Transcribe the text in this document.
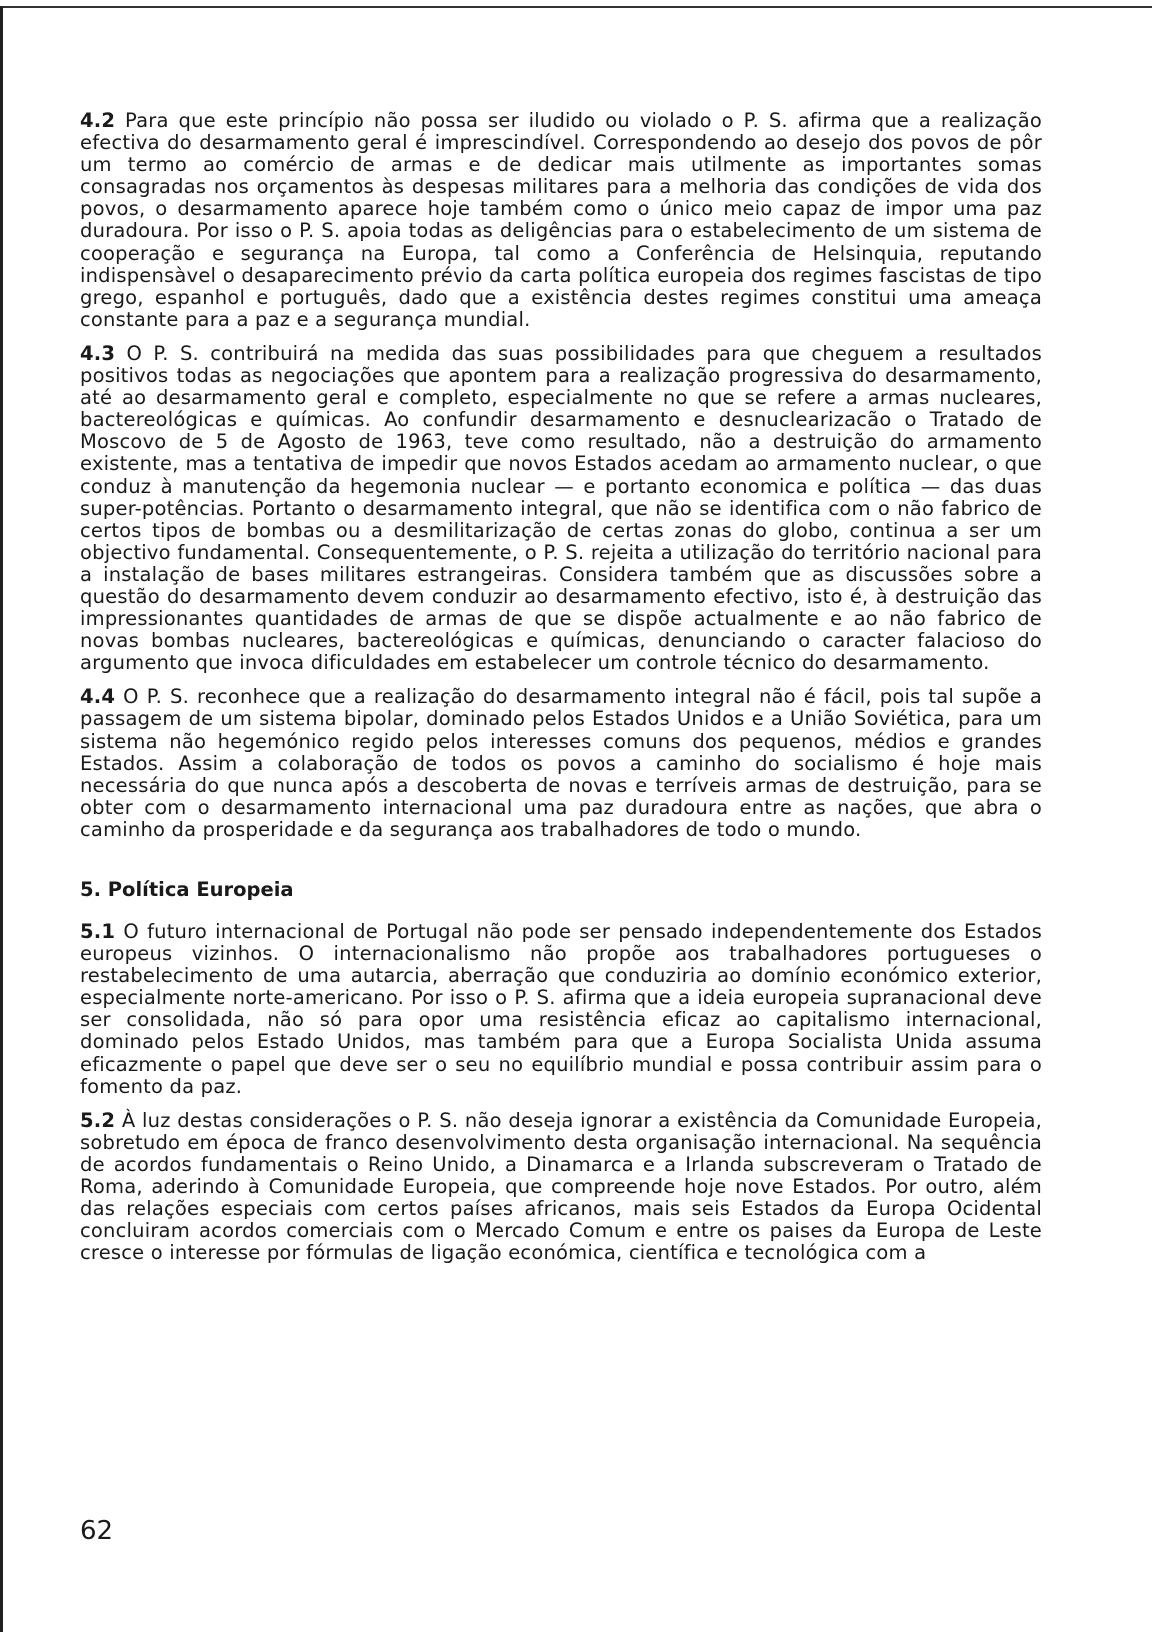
4.2 Para que este princípio não possa ser iludido ou violado o P. S. afirma que a realização efectiva do desarmamento geral é imprescindível. Correspondendo ao desejo dos povos de pôr um termo ao comércio de armas e de dedicar mais utilmente as importantes somas consagradas nos orçamentos às despesas militares para a melhoria das condições de vida dos povos, o desarmamento aparece hoje também como o único meio capaz de impor uma paz duradoura. Por isso o P. S. apoia todas as deligências para o estabelecimento de um sistema de cooperação e segurança na Europa, tal como a Conferência de Helsinquia, reputando indispensàvel o desaparecimento prévio da carta política europeia dos regimes fascistas de tipo grego, espanhol e português, dado que a existência destes regimes constitui uma ameaça constante para a paz e a segurança mundial.

4.3 O P. S. contribuirá na medida das suas possibilidades para que cheguem a resultados positivos todas as negociações que apontem para a realização progressiva do desarmamento, até ao desarmamento geral e completo, especialmente no que se refere a armas nucleares, bactereológicas e químicas. Ao confundir desarmamento e desnuclearizacão o Tratado de Moscovo de 5 de Agosto de 1963, teve como resultado, não a destruição do armamento existente, mas a tentativa de impedir que novos Estados acedam ao armamento nuclear, o que conduz à manutenção da hegemonia nuclear — e portanto economica e política — das duas super-potências. Portanto o desarmamento integral, que não se identifica com o não fabrico de certos tipos de bombas ou a desmilitarização de certas zonas do globo, continua a ser um objectivo fundamental. Consequentemente, o P. S. rejeita a utilização do território nacional para a instalação de bases militares estrangeiras. Considera também que as discussões sobre a questão do desarmamento devem conduzir ao desarmamento efectivo, isto é, à destruição das impressionantes quantidades de armas de que se dispõe actualmente e ao não fabrico de novas bombas nucleares, bactereológicas e químicas, denunciando o caracter falacioso do argumento que invoca dificuldades em estabelecer um controle técnico do desarmamento.

4.4 O P. S. reconhece que a realização do desarmamento integral não é fácil, pois tal supõe a passagem de um sistema bipolar, dominado pelos Estados Unidos e a União Soviética, para um sistema não hegemónico regido pelos interesses comuns dos pequenos, médios e grandes Estados. Assim a colaboração de todos os povos a caminho do socialismo é hoje mais necessária do que nunca após a descoberta de novas e terríveis armas de destruição, para se obter com o desarmamento internacional uma paz duradoura entre as nações, que abra o caminho da prosperidade e da segurança aos trabalhadores de todo o mundo.

5. Política Europeia

5.1 O futuro internacional de Portugal não pode ser pensado independentemente dos Estados europeus vizinhos. O internacionalismo não propõe aos trabalhadores portugueses o restabelecimento de uma autarcia, aberração que conduziria ao domínio económico exterior, especialmente norte-americano. Por isso o P. S. afirma que a ideia europeia supranacional deve ser consolidada, não só para opor uma resistência eficaz ao capitalismo internacional, dominado pelos Estado Unidos, mas também para que a Europa Socialista Unida assuma eficazmente o papel que deve ser o seu no equilíbrio mundial e possa contribuir assim para o fomento da paz.

5.2 À luz destas considerações o P. S. não deseja ignorar a existência da Comunidade Europeia, sobretudo em época de franco desenvolvimento desta organisação internacional. Na sequência de acordos fundamentais o Reino Unido, a Dinamarca e a Irlanda subscreveram o Tratado de Roma, aderindo à Comunidade Europeia, que compreende hoje nove Estados. Por outro, além das relações especiais com certos países africanos, mais seis Estados da Europa Ocidental concluiram acordos comerciais com o Mercado Comum e entre os paises da Europa de Leste cresce o interesse por fórmulas de ligação económica, científica e tecnológica com a

62
